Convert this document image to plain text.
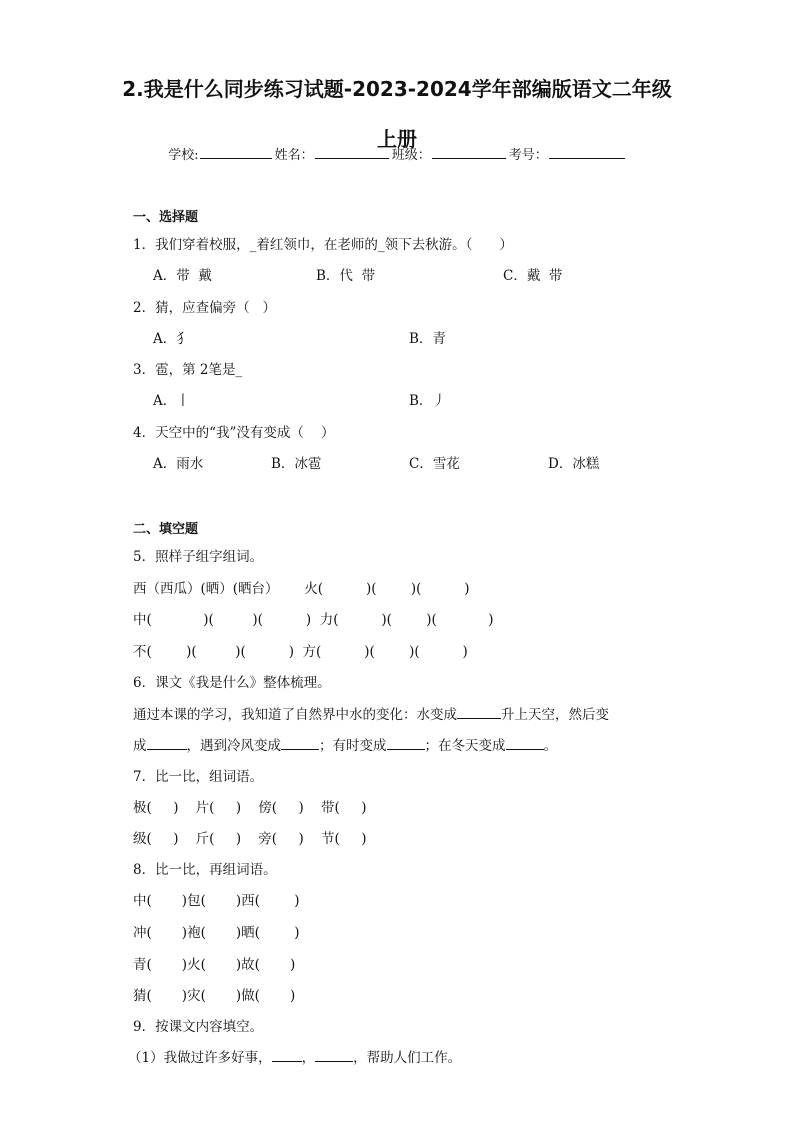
2.我是什么同步练习试题-2023-2024学年部编版语文二年级
上册
学校:	姓名：	班级：	考号：
一、选择题
1．我们穿着校服，_着红领巾，在老师的_领下去秋游。（　　）
A．带  戴	B．代  带	C．戴  带
2．猜，应查偏旁（   ）
A．犭	B．青
3．雹，第 2笔是_
A．丨	B．丿
4．天空中的“我”没有变成（    ）
A．雨水	B．冰雹	C．雪花	D．冰糕
二、填空题
5．照样子组字组词。
西（西瓜）(晒）(晒台）      火(          )(        )(          )
中(            )(         )(          )  力(          )(        )(            )
不(        )(         )(          )  方(          )(        )(          )
6．课文《我是什么》整体梳理。
通过本课的学习，我知道了自然界中水的变化：水变成	升上天空，然后变
成	，遇到冷风变成	；有时变成	；在冬天变成	。
7．比一比，组词语。
极(     )    片(     )    傍(     )    带(     )
级(     )    斤(     )    旁(     )    节(     )
8．比一比，再组词语。
中(       )包(       )西(        )
冲(       )袍(       )晒(        )
青(       )火(       )故(       )
猜(       )灾(       )做(       )
9．按课文内容填空。
（1）我做过许多好事， ，	，帮助人们工作。
